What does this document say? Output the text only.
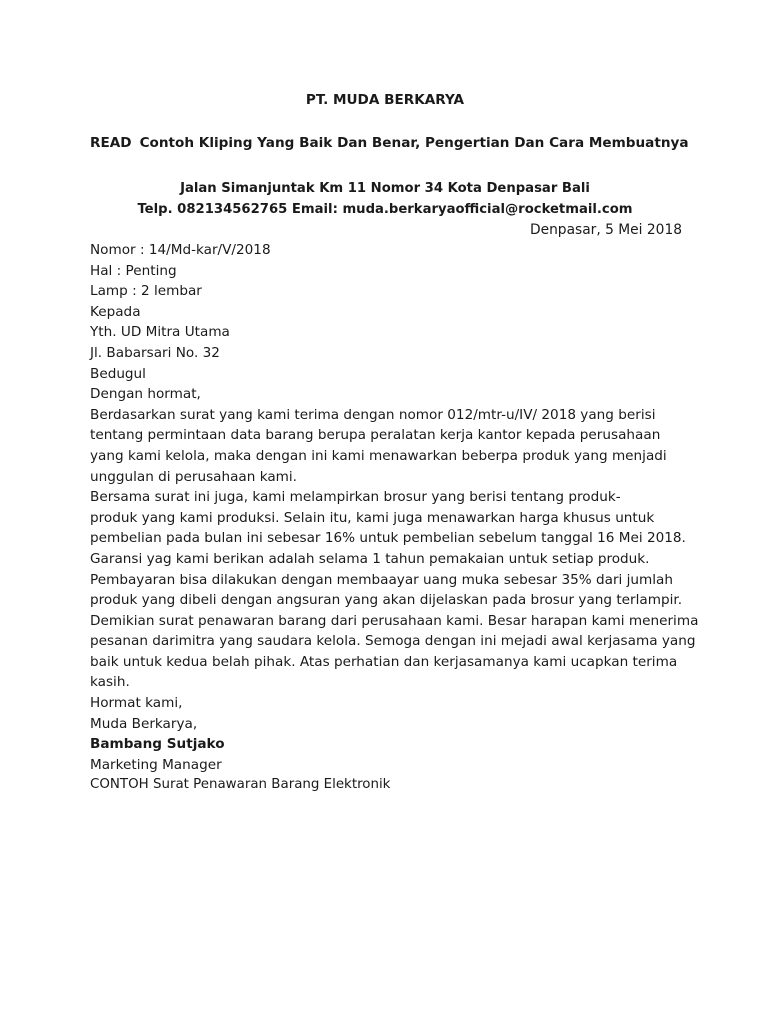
PT. MUDA BERKARYA
READ Contoh Kliping Yang Baik Dan Benar, Pengertian Dan Cara Membuatnya
Jalan Simanjuntak Km 11 Nomor 34 Kota Denpasar Bali
Telp. 082134562765 Email: muda.berkaryaofficial@rocketmail.com
Denpasar, 5 Mei 2018
Nomor : 14/Md-kar/V/2018
Hal : Penting
Lamp : 2 lembar
Kepada
Yth. UD Mitra Utama
Jl. Babarsari No. 32
Bedugul
Dengan hormat,
Berdasarkan surat yang kami terima dengan nomor 012/mtr-u/IV/ 2018 yang berisi
tentang permintaan data barang berupa peralatan kerja kantor kepada perusahaan
yang kami kelola, maka dengan ini kami menawarkan beberpa produk yang menjadi
unggulan di perusahaan kami.
Bersama surat ini juga, kami melampirkan brosur yang berisi tentang produk-
produk yang kami produksi. Selain itu, kami juga menawarkan harga khusus untuk
pembelian pada bulan ini sebesar 16% untuk pembelian sebelum tanggal 16 Mei 2018.
Garansi yag kami berikan adalah selama 1 tahun pemakaian untuk setiap produk.
Pembayaran bisa dilakukan dengan membaayar uang muka sebesar 35% dari jumlah
produk yang dibeli dengan angsuran yang akan dijelaskan pada brosur yang terlampir.
Demikian surat penawaran barang dari perusahaan kami. Besar harapan kami menerima
pesanan darimitra yang saudara kelola. Semoga dengan ini mejadi awal kerjasama yang
baik untuk kedua belah pihak. Atas perhatian dan kerjasamanya kami ucapkan terima
kasih.
Hormat kami,
Muda Berkarya,
Bambang Sutjako
Marketing Manager
CONTOH Surat Penawaran Barang Elektronik
